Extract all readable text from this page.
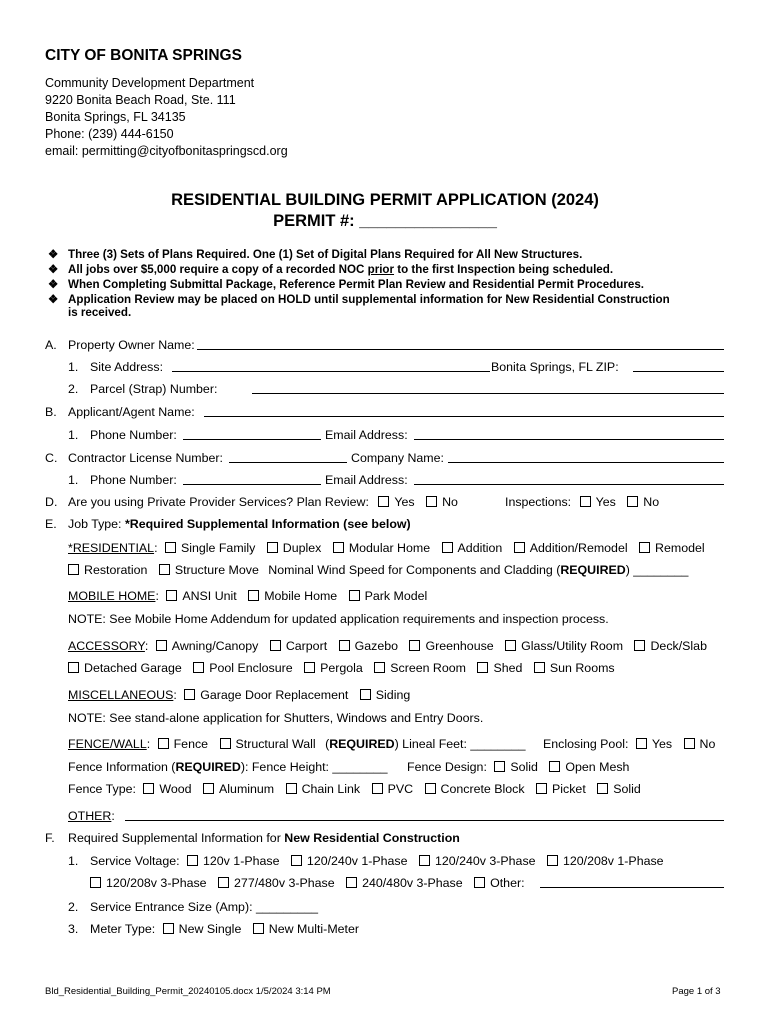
CITY OF BONITA SPRINGS
Community Development Department
9220 Bonita Beach Road, Ste. 111
Bonita Springs, FL 34135
Phone: (239) 444-6150
email: permitting@cityofbonitaspringscd.org
RESIDENTIAL BUILDING PERMIT APPLICATION (2024)
PERMIT #: _______________
❖ Three (3) Sets of Plans Required. One (1) Set of Digital Plans Required for All New Structures.
❖ All jobs over $5,000 require a copy of a recorded NOC prior to the first Inspection being scheduled.
❖ When Completing Submittal Package, Reference Permit Plan Review and Residential Permit Procedures.
❖ Application Review may be placed on HOLD until supplemental information for New Residential Construction
is received.
A. Property Owner Name:
1. Site Address:	Bonita Springs, FL ZIP:
2. Parcel (Strap) Number:
B. Applicant/Agent Name:
1. Phone Number:	Email Address:
C. Contractor License Number:	Company Name:
1. Phone Number:	Email Address:
D. Are you using Private Provider Services? Plan Review: Yes No	Inspections: Yes No
E. Job Type: *Required Supplemental Information (see below)
*RESIDENTIAL: Single Family Duplex Modular Home Addition Addition/Remodel Remodel
Restoration Structure Move Nominal Wind Speed for Components and Cladding (REQUIRED) ________
MOBILE HOME: ANSI Unit Mobile Home Park Model
NOTE: See Mobile Home Addendum for updated application requirements and inspection process.
ACCESSORY: Awning/Canopy Carport Gazebo Greenhouse Glass/Utility Room Deck/Slab
Detached Garage Pool Enclosure Pergola Screen Room Shed Sun Rooms
MISCELLANEOUS: Garage Door Replacement Siding
NOTE: See stand-alone application for Shutters, Windows and Entry Doors.
FENCE/WALL: Fence Structural Wall (REQUIRED) Lineal Feet: ________ Enclosing Pool: Yes No
Fence Information (REQUIRED): Fence Height: ________ Fence Design: Solid Open Mesh
Fence Type: Wood Aluminum Chain Link PVC Concrete Block Picket Solid
OTHER:
F. Required Supplemental Information for New Residential Construction
1. Service Voltage: 120v 1-Phase 120/240v 1-Phase 120/240v 3-Phase 120/208v 1-Phase
120/208v 3-Phase 277/480v 3-Phase 240/480v 3-Phase Other:
2. Service Entrance Size (Amp): _________
3. Meter Type: New Single New Multi-Meter
Bld_Residential_Building_Permit_20240105.docx 1/5/2024 3:14 PM	Page 1 of 3
